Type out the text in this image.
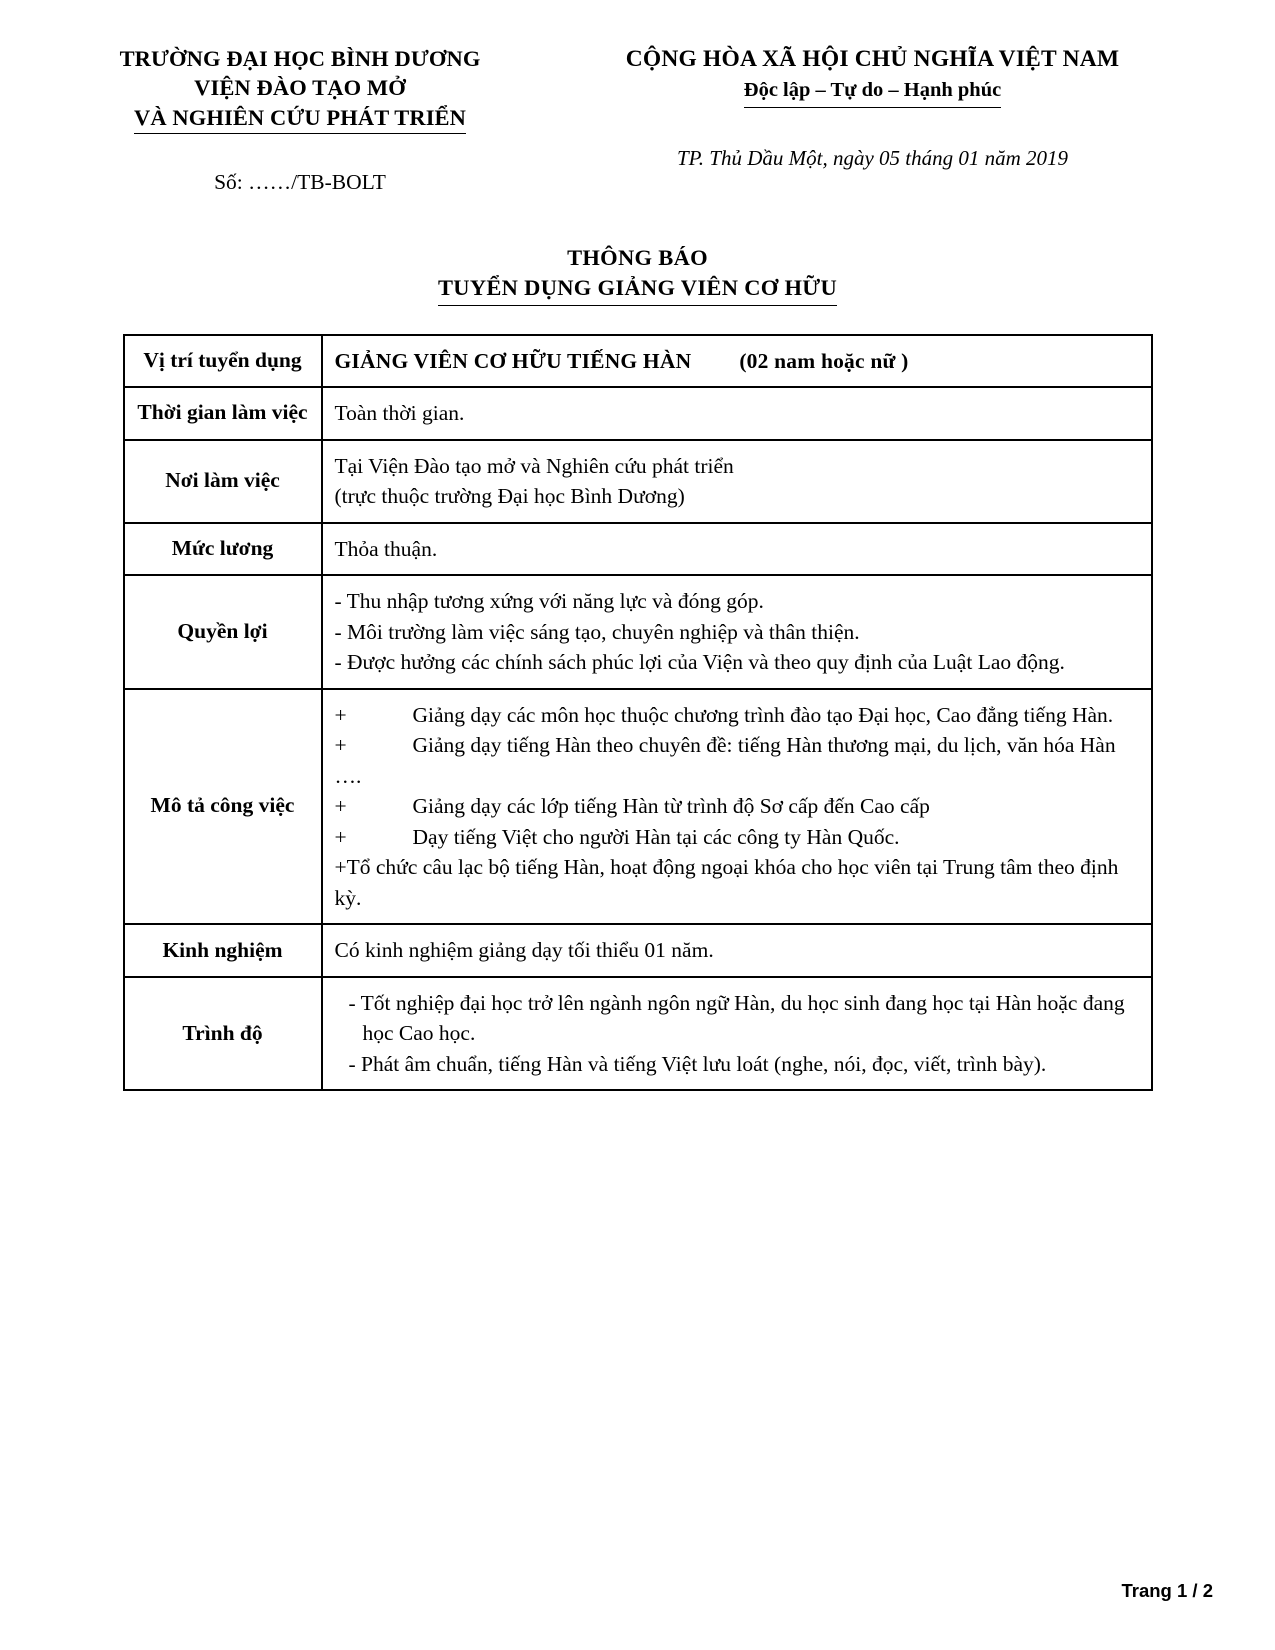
TRƯỜNG ĐẠI HỌC BÌNH DƯƠNG
VIỆN ĐÀO TẠO MỞ
VÀ NGHIÊN CỨU PHÁT TRIỂN
Số: ……/TB-BOLT
CỘNG HÒA XÃ HỘI CHỦ NGHĨA VIỆT NAM
Độc lập – Tự do – Hạnh phúc
TP. Thủ Dầu Một, ngày 05 tháng 01 năm 2019
THÔNG BÁO
TUYỂN DỤNG GIẢNG VIÊN CƠ HỮU
Vị trí tuyển dụng	GIẢNG VIÊN CƠ HỮU TIẾNG HÀN (02 nam hoặc nữ )
Thời gian làm việc	Toàn thời gian.
Nơi làm việc	Tại Viện Đào tạo mở và Nghiên cứu phát triển
(trực thuộc trường Đại học Bình Dương)

Mức lương	Thỏa thuận.
Quyền lợi	- Thu nhập tương xứng với năng lực và đóng góp.
- Môi trường làm việc sáng tạo, chuyên nghiệp và thân thiện.
- Được hưởng các chính sách phúc lợi của Viện và theo quy định của Luật Lao động.

Mô tả công việc	+ Giảng dạy các môn học thuộc chương trình đào tạo Đại học, Cao đẳng tiếng Hàn.
+ Giảng dạy tiếng Hàn theo chuyên đề: tiếng Hàn thương mại, du lịch, văn hóa Hàn ….
+ Giảng dạy các lớp tiếng Hàn từ trình độ Sơ cấp đến Cao cấp
+ Dạy tiếng Việt cho người Hàn tại các công ty Hàn Quốc.
+Tổ chức câu lạc bộ tiếng Hàn, hoạt động ngoại khóa cho học viên tại Trung tâm theo định kỳ.

Kinh nghiệm	Có kinh nghiệm giảng dạy tối thiểu 01 năm.
Trình độ	- Tốt nghiệp đại học trở lên ngành ngôn ngữ Hàn, du học sinh đang học tại Hàn hoặc đang học Cao học.
- Phát âm chuẩn, tiếng Hàn và tiếng Việt lưu loát (nghe, nói, đọc, viết, trình bày).
Trang 1 / 2
